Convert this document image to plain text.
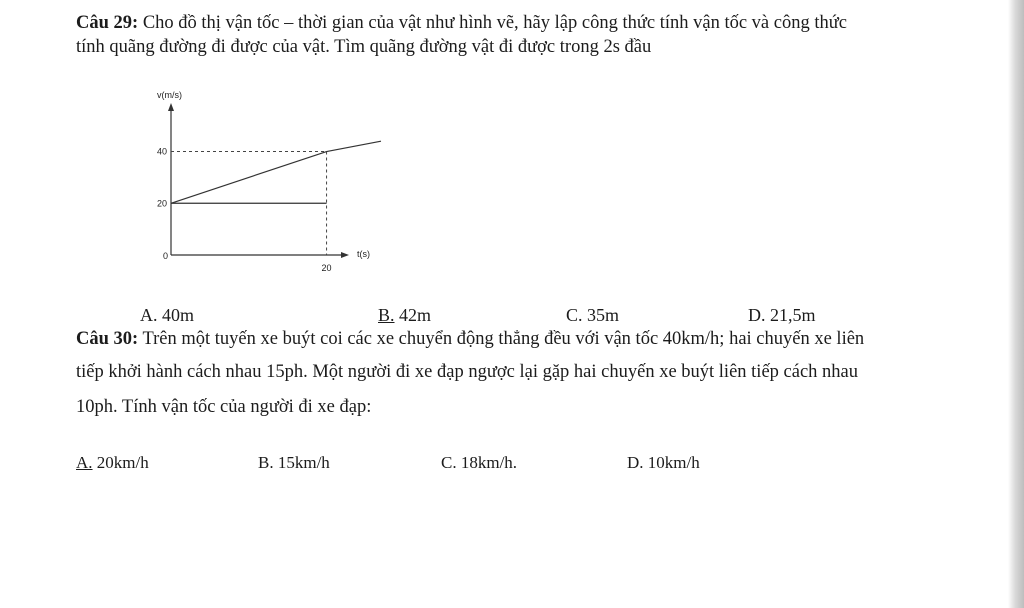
Câu 29: Cho đồ thị vận tốc – thời gian của vật như hình vẽ, hãy lập công thức tính vận tốc và công thức
tính quãng đường đi được của vật. Tìm quãng đường vật đi được trong 2s đầu
v(m/s)
t(s)
20
40
0
20
A. 40m	B. 42m	C. 35m	D. 21,5m
Câu 30: Trên một tuyến xe buýt coi các xe chuyển động thẳng đều với vận tốc 40km/h; hai chuyến xe liên
tiếp khởi hành cách nhau 15ph. Một người đi xe đạp ngược lại gặp hai chuyến xe buýt liên tiếp cách nhau
10ph. Tính vận tốc của người đi xe đạp:
A. 20km/h	B. 15km/h	C. 18km/h.	D. 10km/h
